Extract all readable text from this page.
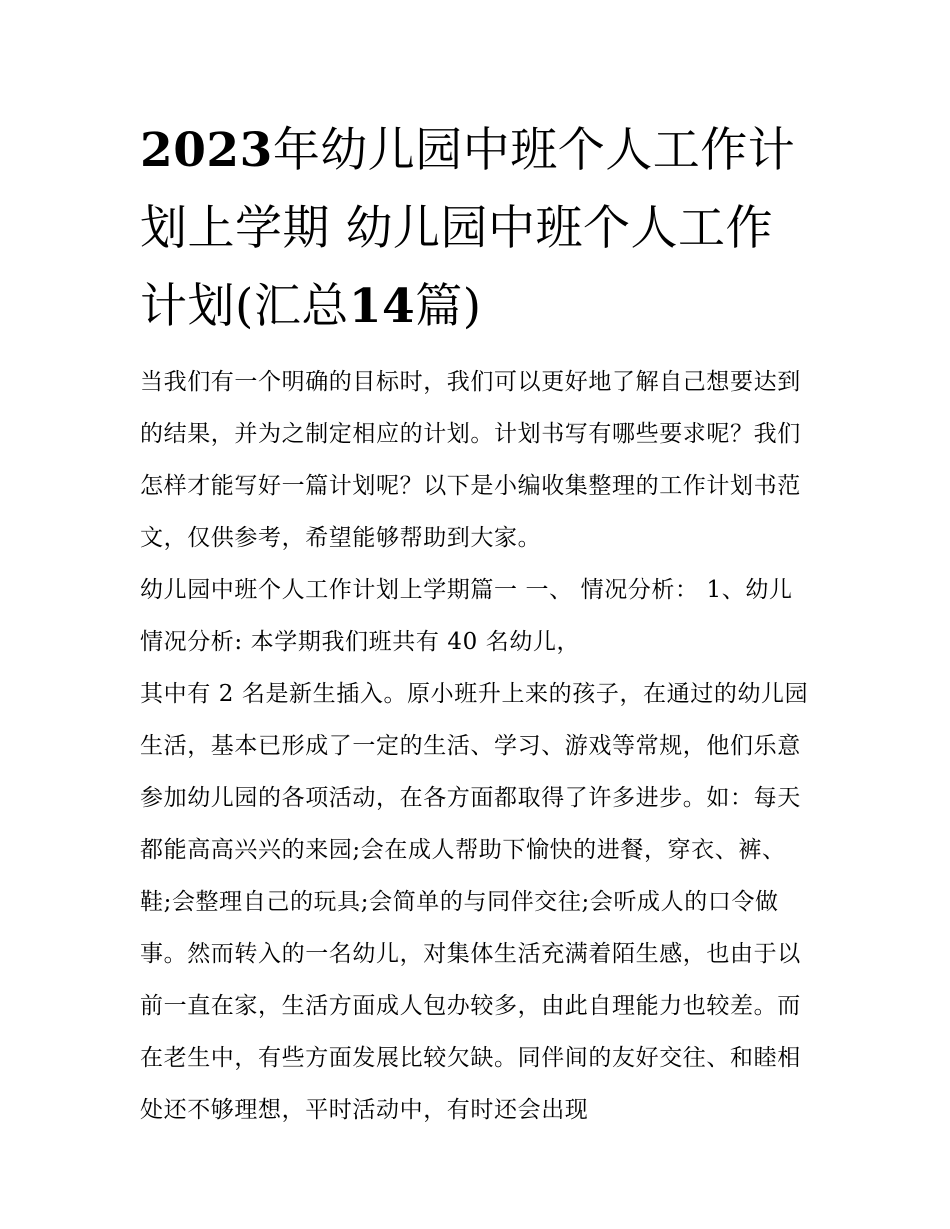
2023年幼儿园中班个人工作计划上学期 幼儿园中班个人工作计划(汇总14篇)

当我们有一个明确的目标时，我们可以更好地了解自己想要达到的结果，并为之制定相应的计划。计划书写有哪些要求呢？我们怎样才能写好一篇计划呢？以下是小编收集整理的工作计划书范文，仅供参考，希望能够帮助到大家。

幼儿园中班个人工作计划上学期篇一 一、 情况分析： 1、幼儿情况分析: 本学期我们班共有 40 名幼儿，

其中有 2 名是新生插入。原小班升上来的孩子，在通过的幼儿园生活，基本已形成了一定的生活、学习、游戏等常规，他们乐意参加幼儿园的各项活动，在各方面都取得了许多进步。如：每天都能高高兴兴的来园;会在成人帮助下愉快的进餐，穿衣、裤、鞋;会整理自己的玩具;会简单的与同伴交往;会听成人的口令做事。然而转入的一名幼儿，对集体生活充满着陌生感，也由于以前一直在家，生活方面成人包办较多，由此自理能力也较差。而在老生中，有些方面发展比较欠缺。同伴间的友好交往、和睦相处还不够理想，平时活动中，有时还会出现
